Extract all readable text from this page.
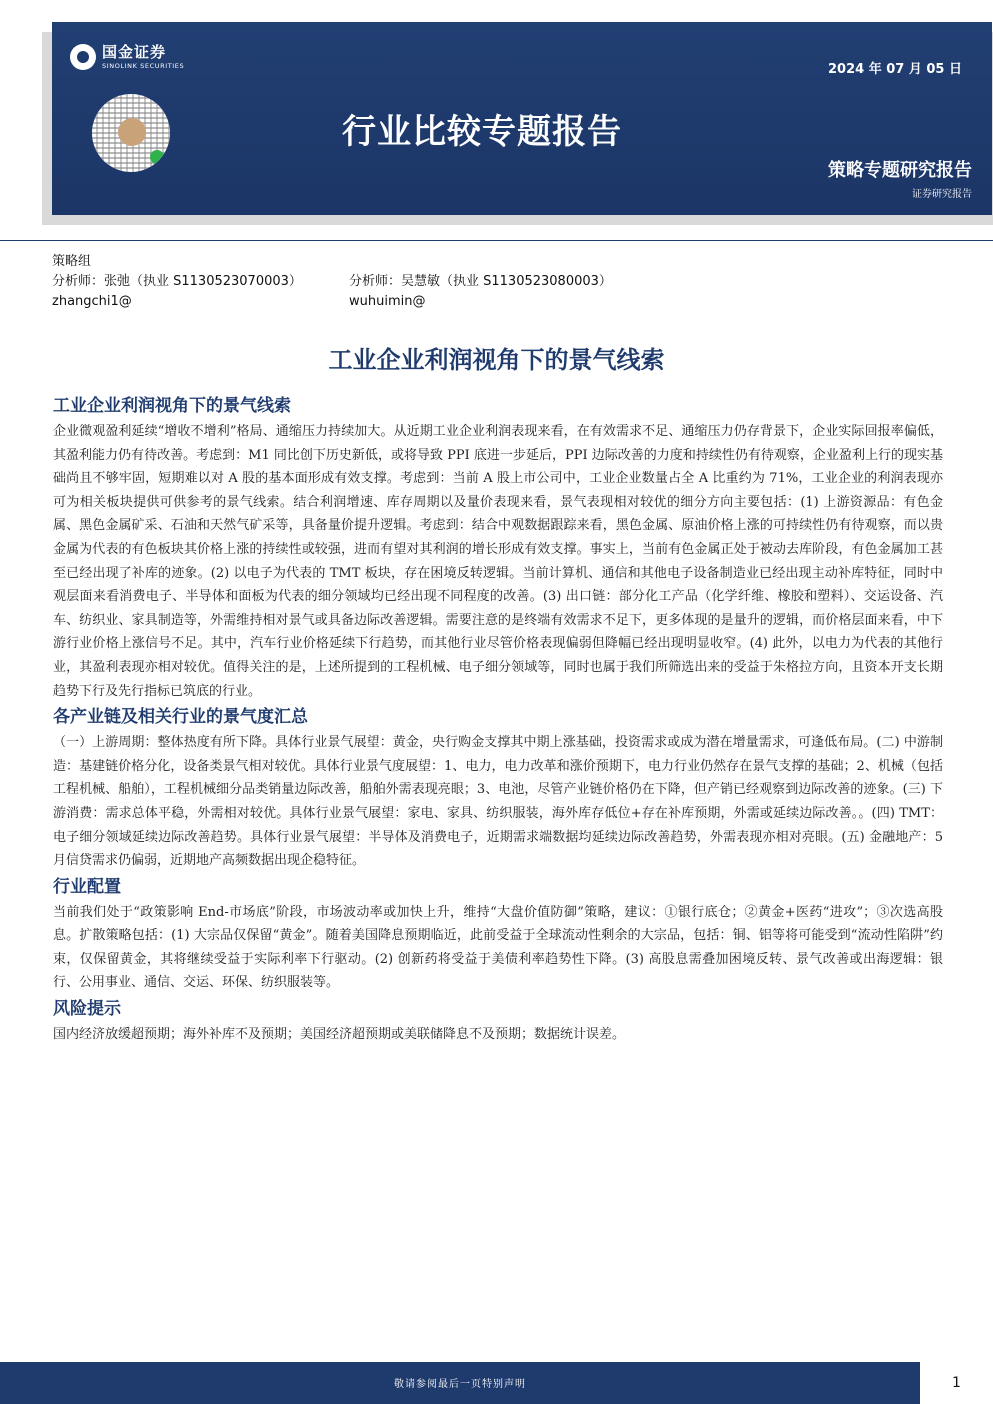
国金证券
SINOLINK SECURITIES	2024 年 07 月 05 日
行业比较专题报告
策略专题研究报告
证券研究报告
策略组
分析师：张弛（执业 S1130523070003）	分析师：吴慧敏（执业 S1130523080003）
zhangchi1@	wuhuimin@
工业企业利润视角下的景气线索
工业企业利润视角下的景气线索

企业微观盈利延续“增收不增利”格局、通缩压力持续加大。从近期工业企业利润表现来看，在有效需求不足、通缩压力仍存背景下，企业实际回报率偏低，其盈利能力仍有待改善。考虑到：M1 同比创下历史新低，或将导致 PPI 底进一步延后，PPI 边际改善的力度和持续性仍有待观察，企业盈利上行的现实基础尚且不够牢固，短期难以对 A 股的基本面形成有效支撑。考虑到：当前 A 股上市公司中，工业企业数量占全 A 比重约为 71%，工业企业的利润表现亦可为相关板块提供可供参考的景气线索。结合利润增速、库存周期以及量价表现来看，景气表现相对较优的细分方向主要包括：(1) 上游资源品：有色金属、黑色金属矿采、石油和天然气矿采等，具备量价提升逻辑。考虑到：结合中观数据跟踪来看，黑色金属、原油价格上涨的可持续性仍有待观察，而以贵金属为代表的有色板块其价格上涨的持续性或较强，进而有望对其利润的增长形成有效支撑。事实上，当前有色金属正处于被动去库阶段，有色金属加工甚至已经出现了补库的迹象。(2) 以电子为代表的 TMT 板块，存在困境反转逻辑。当前计算机、通信和其他电子设备制造业已经出现主动补库特征，同时中观层面来看消费电子、半导体和面板为代表的细分领域均已经出现不同程度的改善。(3) 出口链：部分化工产品（化学纤维、橡胶和塑料）、交运设备、汽车、纺织业、家具制造等，外需维持相对景气或具备边际改善逻辑。需要注意的是终端有效需求不足下，更多体现的是量升的逻辑，而价格层面来看，中下游行业价格上涨信号不足。其中，汽车行业价格延续下行趋势，而其他行业尽管价格表现偏弱但降幅已经出现明显收窄。(4) 此外，以电力为代表的其他行业，其盈利表现亦相对较优。值得关注的是，上述所提到的工程机械、电子细分领域等，同时也属于我们所筛选出来的受益于朱格拉方向，且资本开支长期趋势下行及先行指标已筑底的行业。

各产业链及相关行业的景气度汇总

（一）上游周期：整体热度有所下降。具体行业景气展望：黄金，央行购金支撑其中期上涨基础，投资需求或成为潜在增量需求，可逢低布局。(二) 中游制造：基建链价格分化，设备类景气相对较优。具体行业景气度展望：1、电力，电力改革和涨价预期下，电力行业仍然存在景气支撑的基础；2、机械（包括工程机械、船舶），工程机械细分品类销量边际改善，船舶外需表现亮眼；3、电池，尽管产业链价格仍在下降，但产销已经观察到边际改善的迹象。(三) 下游消费：需求总体平稳，外需相对较优。具体行业景气展望：家电、家具、纺织服装，海外库存低位+存在补库预期，外需或延续边际改善。。(四) TMT：电子细分领域延续边际改善趋势。具体行业景气展望：半导体及消费电子，近期需求端数据均延续边际改善趋势，外需表现亦相对亮眼。(五) 金融地产：5 月信贷需求仍偏弱，近期地产高频数据出现企稳特征。

行业配置

当前我们处于“政策影响 End-市场底”阶段，市场波动率或加快上升，维持“大盘价值防御”策略，建议：①银行底仓；②黄金+医药“进攻”；③次选高股息。扩散策略包括：(1) 大宗品仅保留“黄金”。随着美国降息预期临近，此前受益于全球流动性剩余的大宗品，包括：铜、铝等将可能受到“流动性陷阱”约束，仅保留黄金，其将继续受益于实际利率下行驱动。(2) 创新药将受益于美债利率趋势性下降。(3) 高股息需叠加困境反转、景气改善或出海逻辑：银行、公用事业、通信、交运、环保、纺织服装等。

风险提示

国内经济放缓超预期；海外补库不及预期；美国经济超预期或美联储降息不及预期；数据统计误差。

敬请参阅最后一页特别声明	1
